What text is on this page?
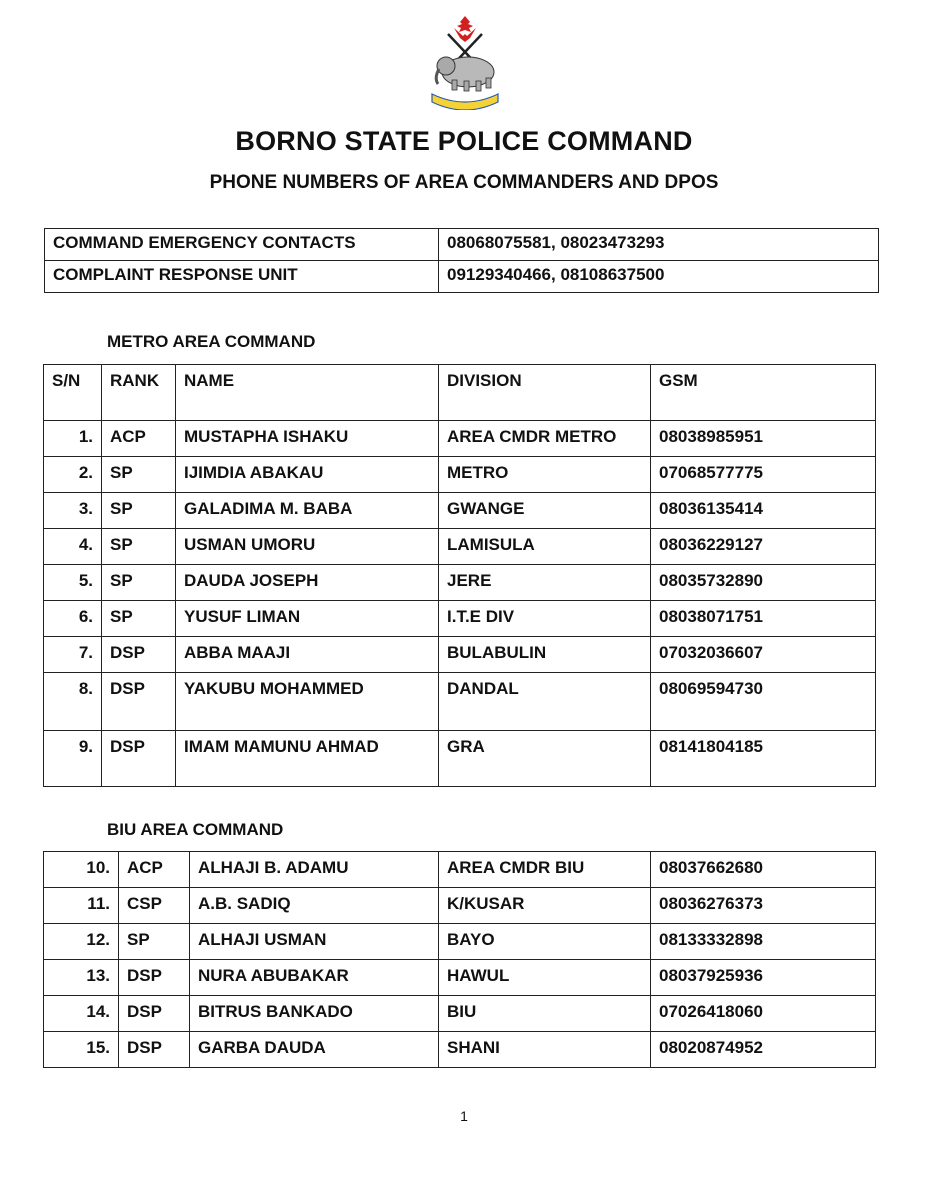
BORNO STATE POLICE COMMAND
PHONE NUMBERS OF AREA COMMANDERS AND DPOS
COMMAND EMERGENCY CONTACTS	08068075581, 08023473293
COMPLAINT RESPONSE UNIT	09129340466, 08108637500
METRO AREA COMMAND
S/N	RANK	NAME	DIVISION	GSM
1.	ACP	MUSTAPHA ISHAKU	AREA CMDR METRO	08038985951
2.	SP	IJIMDIA ABAKAU	METRO	07068577775
3.	SP	GALADIMA M. BABA	GWANGE	08036135414
4.	SP	USMAN UMORU	LAMISULA	08036229127
5.	SP	DAUDA JOSEPH	JERE	08035732890
6.	SP	YUSUF LIMAN	I.T.E DIV	08038071751
7.	DSP	ABBA MAAJI	BULABULIN	07032036607
8.	DSP	YAKUBU MOHAMMED	DANDAL	08069594730
9.	DSP	IMAM MAMUNU AHMAD	GRA	08141804185
BIU AREA COMMAND
10.	ACP	ALHAJI B. ADAMU	AREA CMDR BIU	08037662680
11.	CSP	A.B. SADIQ	K/KUSAR	08036276373
12.	SP	ALHAJI USMAN	BAYO	08133332898
13.	DSP	NURA ABUBAKAR	HAWUL	08037925936
14.	DSP	BITRUS BANKADO	BIU	07026418060
15.	DSP	GARBA DAUDA	SHANI	08020874952
1
